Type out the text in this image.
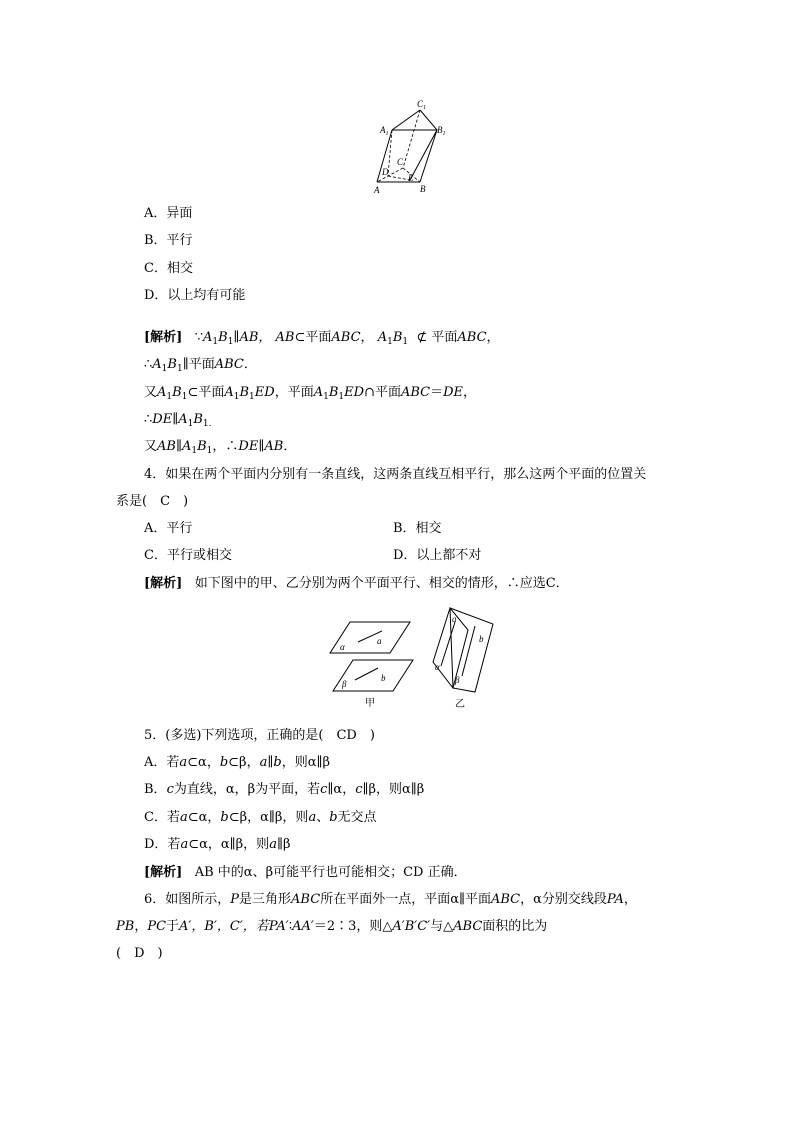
$C_1$
$A_1$	$B_1$
C
D
E
A	B
A．异面
B．平行
C．相交
D．以上均有可能
[解析] $\because A_1B_1\parallel AB$， AB⊂平面ABC， $A_1B_1$ ⊄ 平面ABC，
$\therefore A_1B_1\parallel$平面ABC．
又$A_1B_1\subset$平面$A_1B_1ED$，平面$A_1B_1ED\cap$平面ABC＝DE，
$\therefore DE\parallel A_1B_{1.}$
又$AB\parallel A_1B_1$，∴DE∥AB．
4．如果在两个平面内分别有一条直线，这两条直线互相平行，那么这两个平面的位置关
系是(　C　)
A．平行	B．相交
C．平行或相交	D．以上都不对
[解析] 如下图中的甲、乙分别为两个平面平行、相交的情形，∴应选C．
α
a
β
b
a
b
α
β
甲	乙
5．(多选)下列选项，正确的是(　CD　)
A．若a⊂α，b⊂β，a∥b，则α∥β
B．c为直线，α，β为平面，若c∥α，c∥β，则α∥β
C．若a⊂α，b⊂β，α∥β，则a、b无交点
D．若a⊂α，α∥β，则a∥β
[解析] AB 中的α、β可能平行也可能相交；CD 正确．
6．如图所示，P是三角形ABC所在平面外一点，平面α∥平面ABC，α分别交线段PA，
PB，PC于A′，B′，C′，若PA′∶AA′＝2∶3，则△A′B′C′与△ABC面积的比为
(　D　)
